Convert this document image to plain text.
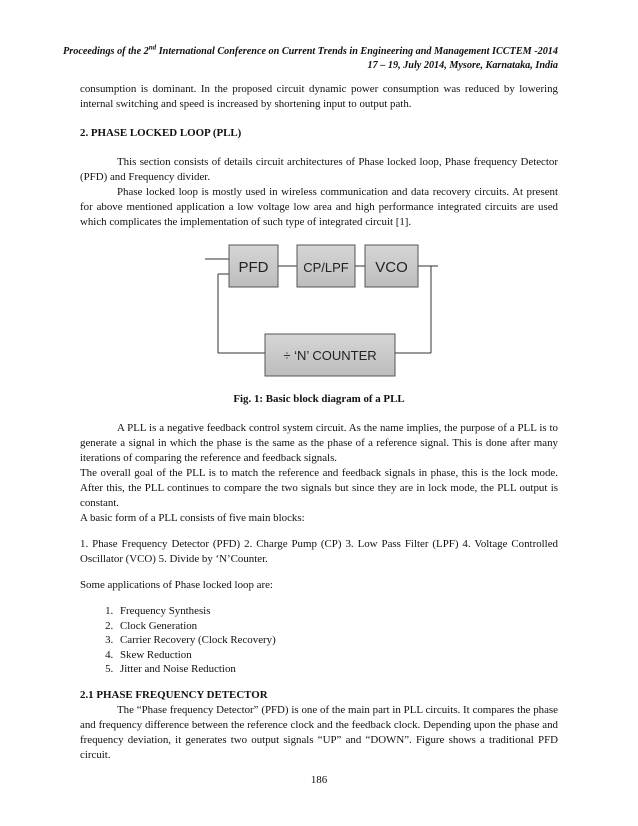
Proceedings of the 2nd International Conference on Current Trends in Engineering and Management ICCTEM -2014
17 – 19, July 2014, Mysore, Karnataka, India

consumption is dominant. In the proposed circuit dynamic power consumption was reduced by lowering internal switching and speed is increased by shortening input to output path.

2. PHASE LOCKED LOOP (PLL)

This section consists of details circuit architectures of Phase locked loop, Phase frequency Detector (PFD) and Frequency divider.

Phase locked loop is mostly used in wireless communication and data recovery circuits. At present for above mentioned application a low voltage low area and high performance integrated circuits are used which complicates the implementation of such type of integrated circuit [1].

PFD	CP/LPF VCO
÷ ‘N’ COUNTER
Fig. 1: Basic block diagram of a PLL

A PLL is a negative feedback control system circuit. As the name implies, the purpose of a PLL is to generate a signal in which the phase is the same as the phase of a reference signal. This is done after many iterations of comparing the reference and feedback signals.

The overall goal of the PLL is to match the reference and feedback signals in phase, this is the lock mode. After this, the PLL continues to compare the two signals but since they are in lock mode, the PLL output is constant.

A basic form of a PLL consists of five main blocks:

1. Phase Frequency Detector (PFD) 2. Charge Pump (CP) 3. Low Pass Filter (LPF) 4. Voltage Controlled Oscillator (VCO) 5. Divide by ‘N’Counter.

Some applications of Phase locked loop are:

1. Frequency Synthesis
2. Clock Generation
3. Carrier Recovery (Clock Recovery)
4. Skew Reduction
5. Jitter and Noise Reduction
2.1 PHASE FREQUENCY DETECTOR

The “Phase frequency Detector” (PFD) is one of the main part in PLL circuits. It compares the phase and frequency difference between the reference clock and the feedback clock. Depending upon the phase and frequency deviation, it generates two output signals “UP” and “DOWN”. Figure shows a traditional PFD circuit.

186
